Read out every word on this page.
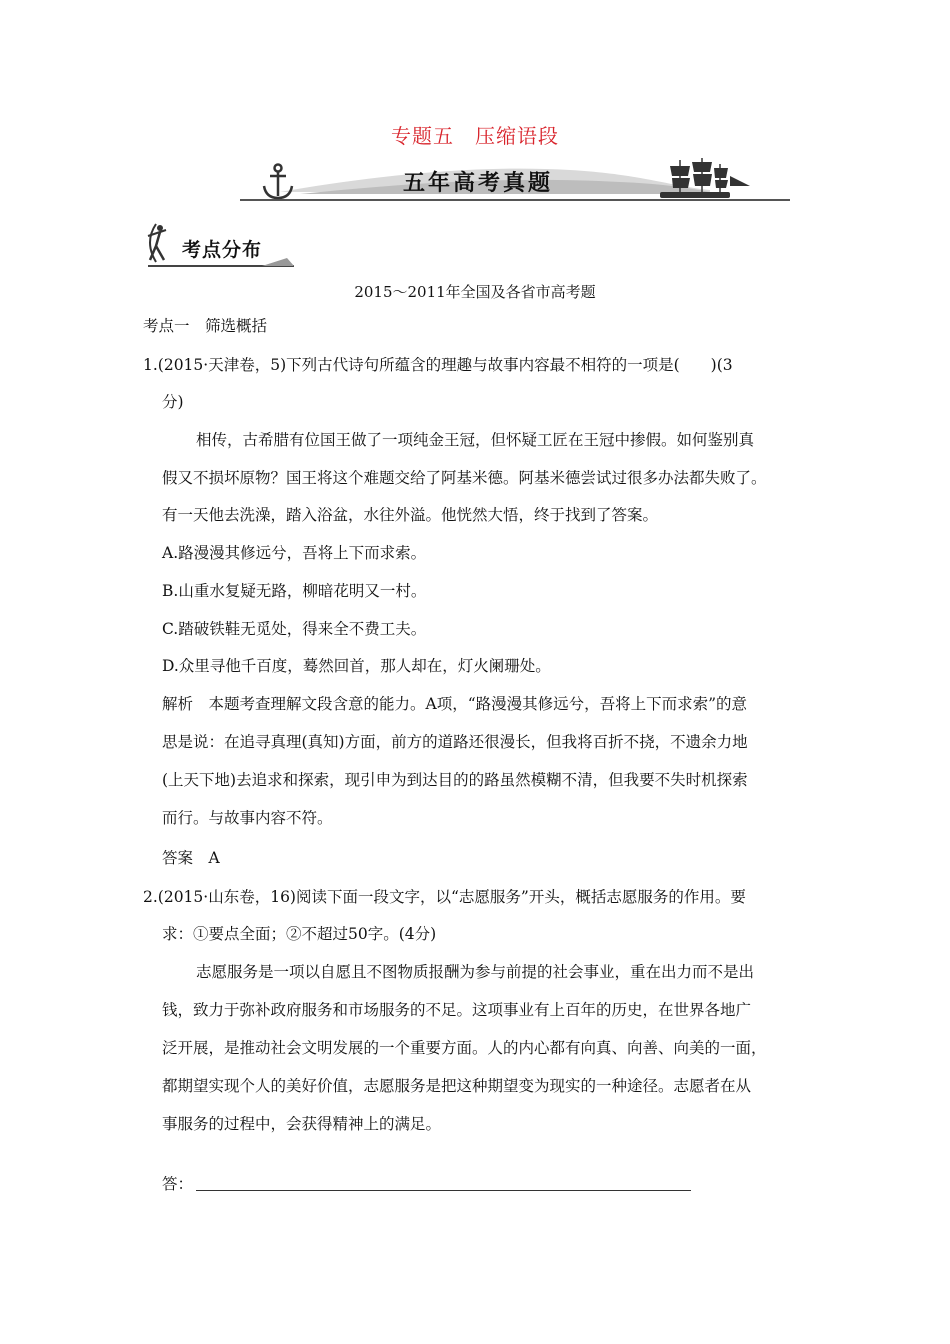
专题五　压缩语段
五年高考真题
考点分布
2015～2011年全国及各省市高考题
考点一　筛选概括
1.(2015·天津卷，5)下列古代诗句所蕴含的理趣与故事内容最不相符的一项是(　　)(3
分)
相传，古希腊有位国王做了一项纯金王冠，但怀疑工匠在王冠中掺假。如何鉴别真
假又不损坏原物？国王将这个难题交给了阿基米德。阿基米德尝试过很多办法都失败了。
有一天他去洗澡，踏入浴盆，水往外溢。他恍然大悟，终于找到了答案。
A.路漫漫其修远兮，吾将上下而求索。
B.山重水复疑无路，柳暗花明又一村。
C.踏破铁鞋无觅处，得来全不费工夫。
D.众里寻他千百度，蓦然回首，那人却在，灯火阑珊处。
解析　本题考查理解文段含意的能力。A项，“路漫漫其修远兮，吾将上下而求索”的意
思是说：在追寻真理(真知)方面，前方的道路还很漫长，但我将百折不挠，不遗余力地
(上天下地)去追求和探索，现引申为到达目的的路虽然模糊不清，但我要不失时机探索
而行。与故事内容不符。
答案　A
2.(2015·山东卷，16)阅读下面一段文字，以“志愿服务”开头，概括志愿服务的作用。要
求：①要点全面；②不超过50字。(4分)
志愿服务是一项以自愿且不图物质报酬为参与前提的社会事业，重在出力而不是出
钱，致力于弥补政府服务和市场服务的不足。这项事业有上百年的历史，在世界各地广
泛开展，是推动社会文明发展的一个重要方面。人的内心都有向真、向善、向美的一面，
都期望实现个人的美好价值，志愿服务是把这种期望变为现实的一种途径。志愿者在从
事服务的过程中，会获得精神上的满足。
答：
